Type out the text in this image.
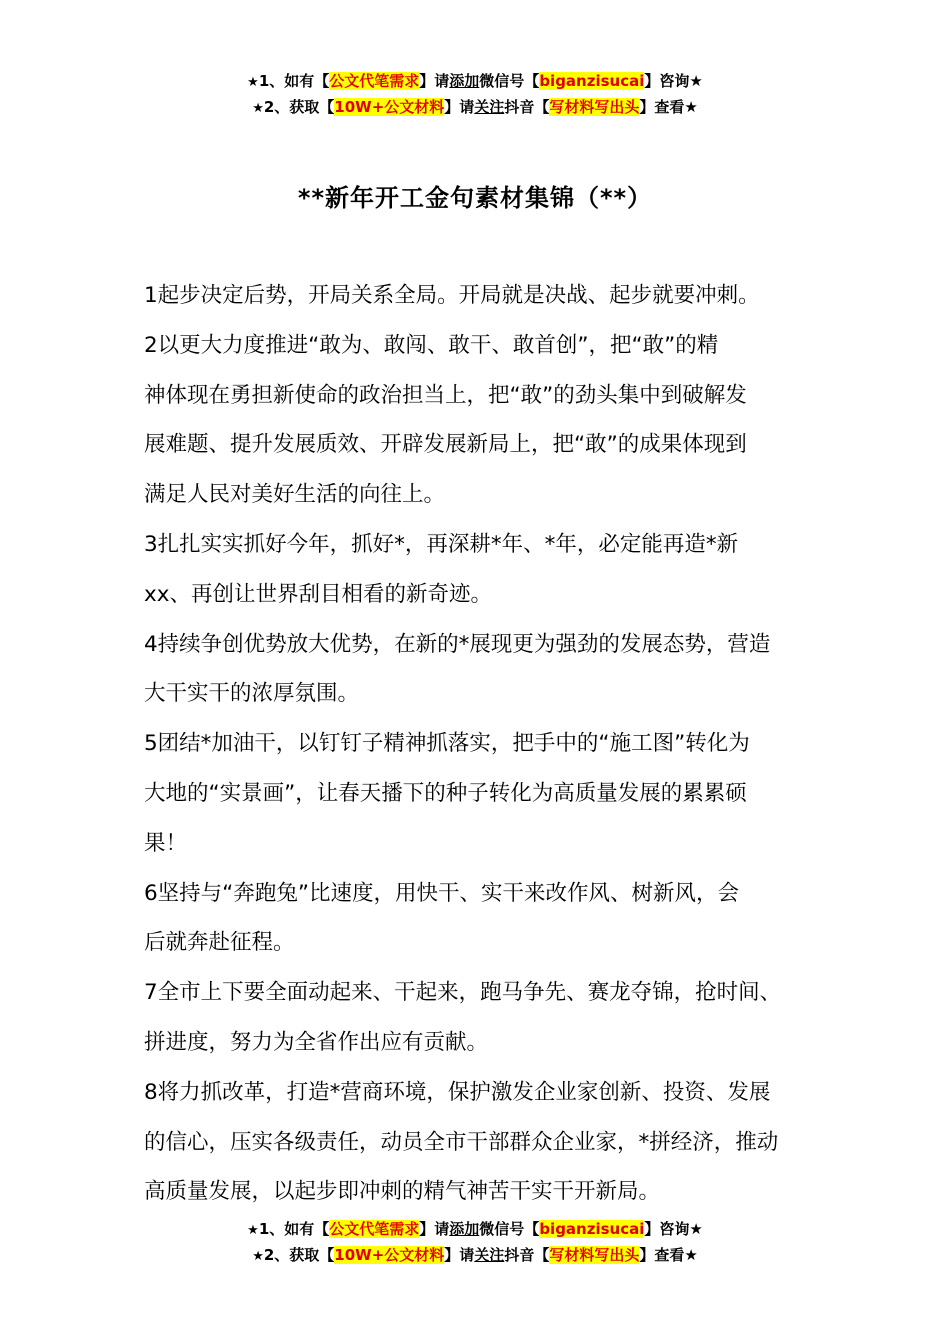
★1、如有【公文代笔需求】请添加微信号【biganzisucai】咨询★
★2、获取【10W+公文材料】请关注抖音【写材料写出头】查看★
**新年开工金句素材集锦（**）

1起步决定后势，开局关系全局。开局就是决战、起步就要冲刺。

2以更大力度推进“敢为、敢闯、敢干、敢首创”，把“敢”的精
神体现在勇担新使命的政治担当上，把“敢”的劲头集中到破解发
展难题、提升发展质效、开辟发展新局上，把“敢”的成果体现到
满足人民对美好生活的向往上。

3扎扎实实抓好今年，抓好*，再深耕*年、*年，必定能再造*新
xx、再创让世界刮目相看的新奇迹。

4持续争创优势放大优势，在新的*展现更为强劲的发展态势，营造
大干实干的浓厚氛围。

5团结*加油干，以钉钉子精神抓落实，把手中的“施工图”转化为
大地的“实景画”，让春天播下的种子转化为高质量发展的累累硕
果！

6坚持与“奔跑兔”比速度，用快干、实干来改作风、树新风，会
后就奔赴征程。

7全市上下要全面动起来、干起来，跑马争先、赛龙夺锦，抢时间、
拼进度，努力为全省作出应有贡献。

8将力抓改革，打造*营商环境，保护激发企业家创新、投资、发展
的信心，压实各级责任，动员全市干部群众企业家，*拼经济，推动
高质量发展，以起步即冲刺的精气神苦干实干开新局。

★1、如有【公文代笔需求】请添加微信号【biganzisucai】咨询★
★2、获取【10W+公文材料】请关注抖音【写材料写出头】查看★
